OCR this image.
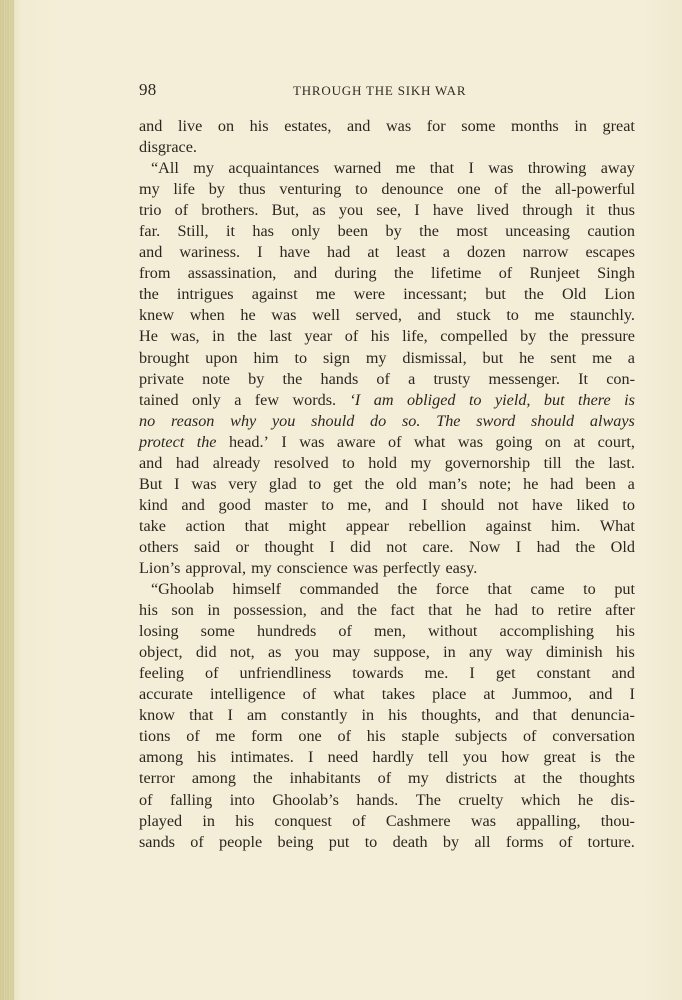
98	THROUGH THE SIKH WAR
and live on his estates, and was for some months in great
disgrace.
“All my acquaintances warned me that I was throwing away
my life by thus venturing to denounce one of the all-powerful
trio of brothers. But, as you see, I have lived through it thus
far. Still, it has only been by the most unceasing caution
and wariness. I have had at least a dozen narrow escapes
from assassination, and during the lifetime of Runjeet Singh
the intrigues against me were incessant; but the Old Lion
knew when he was well served, and stuck to me staunchly.
He was, in the last year of his life, compelled by the pressure
brought upon him to sign my dismissal, but he sent me a
private note by the hands of a trusty messenger. It con-
tained only a few words. ‘I am obliged to yield, but there is
no reason why you should do so. The sword should always
protect the head.’ I was aware of what was going on at court,
and had already resolved to hold my governorship till the last.
But I was very glad to get the old man’s note; he had been a
kind and good master to me, and I should not have liked to
take action that might appear rebellion against him. What
others said or thought I did not care. Now I had the Old
Lion’s approval, my conscience was perfectly easy.
“Ghoolab himself commanded the force that came to put
his son in possession, and the fact that he had to retire after
losing some hundreds of men, without accomplishing his
object, did not, as you may suppose, in any way diminish his
feeling of unfriendliness towards me. I get constant and
accurate intelligence of what takes place at Jummoo, and I
know that I am constantly in his thoughts, and that denuncia-
tions of me form one of his staple subjects of conversation
among his intimates. I need hardly tell you how great is the
terror among the inhabitants of my districts at the thoughts
of falling into Ghoolab’s hands. The cruelty which he dis-
played in his conquest of Cashmere was appalling, thou-
sands of people being put to death by all forms of torture.
